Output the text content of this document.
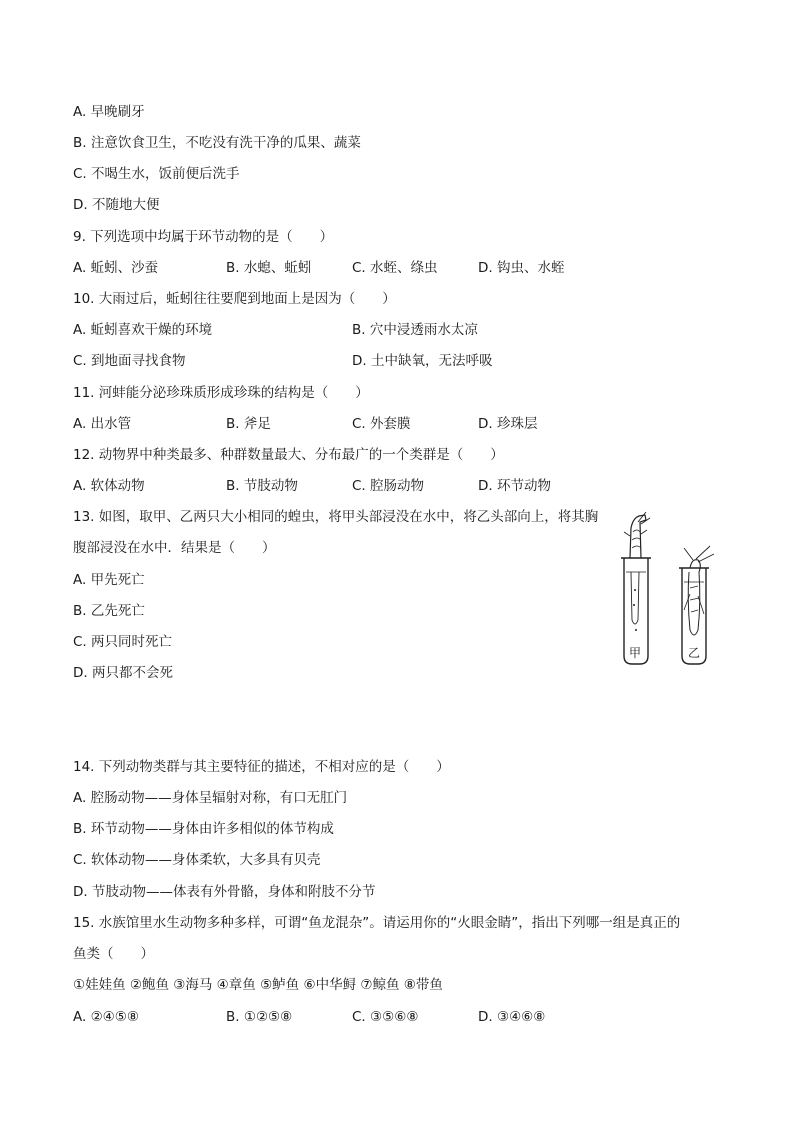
A. 早晚刷牙
B. 注意饮食卫生，不吃没有洗干净的瓜果、蔬菜
C. 不喝生水，饭前便后洗手
D. 不随地大便
9. 下列选项中均属于环节动物的是（　　）
A. 蚯蚓、沙蚕	B. 水螅、蚯蚓	C. 水蛭、绦虫	D. 钩虫、水蛭
10. 大雨过后，蚯蚓往往要爬到地面上是因为（　　）
A. 蚯蚓喜欢干燥的环境	B. 穴中浸透雨水太凉
C. 到地面寻找食物	D. 土中缺氧，无法呼吸
11. 河蚌能分泌珍珠质形成珍珠的结构是（　　）
A. 出水管	B. 斧足	C. 外套膜	D. 珍珠层
12. 动物界中种类最多、种群数量最大、分布最广的一个类群是（　　）
A. 软体动物	B. 节肢动物	C. 腔肠动物	D. 环节动物
13. 如图，取甲、乙两只大小相同的蝗虫，将甲头部浸没在水中，将乙头部向上，将其胸
腹部浸没在水中．结果是（　　）
A. 甲先死亡
B. 乙先死亡
C. 两只同时死亡
D. 两只都不会死
甲	乙
14. 下列动物类群与其主要特征的描述，不相对应的是（　　）
A. 腔肠动物——身体呈辐射对称，有口无肛门
B. 环节动物——身体由许多相似的体节构成
C. 软体动物——身体柔软，大多具有贝壳
D. 节肢动物——体表有外骨骼，身体和附肢不分节
15. 水族馆里水生动物多种多样，可谓“鱼龙混杂”。请运用你的“火眼金睛”，指出下列哪一组是真正的
鱼类（　　）
①娃娃鱼 ②鲍鱼 ③海马 ④章鱼 ⑤鲈鱼 ⑥中华鲟 ⑦鲸鱼 ⑧带鱼
A. ②④⑤⑧	B. ①②⑤⑧	C. ③⑤⑥⑧	D. ③④⑥⑧
